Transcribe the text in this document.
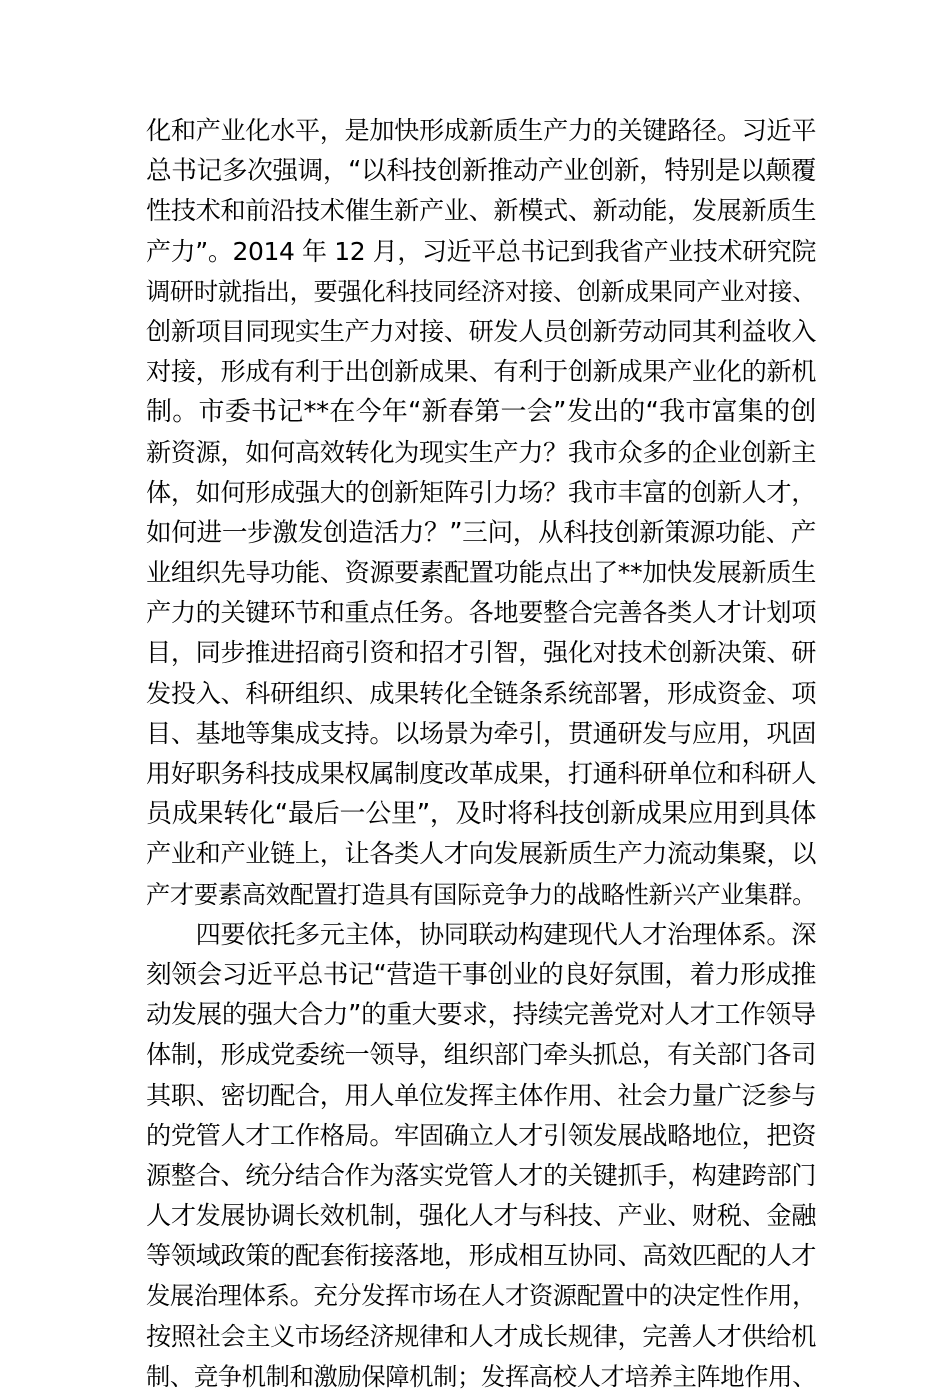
化和产业化水平，是加快形成新质生产力的关键路径。习近平
总书记多次强调，“以科技创新推动产业创新，特别是以颠覆
性技术和前沿技术催生新产业、新模式、新动能，发展新质生
产力”。2014 年 12 月，习近平总书记到我省产业技术研究院
调研时就指出，要强化科技同经济对接、创新成果同产业对接、
创新项目同现实生产力对接、研发人员创新劳动同其利益收入
对接，形成有利于出创新成果、有利于创新成果产业化的新机
制。市委书记**在今年“新春第一会”发出的“我市富集的创
新资源，如何高效转化为现实生产力？我市众多的企业创新主
体，如何形成强大的创新矩阵引力场？我市丰富的创新人才，
如何进一步激发创造活力？”三问，从科技创新策源功能、产
业组织先导功能、资源要素配置功能点出了**加快发展新质生
产力的关键环节和重点任务。各地要整合完善各类人才计划项
目，同步推进招商引资和招才引智，强化对技术创新决策、研
发投入、科研组织、成果转化全链条系统部署，形成资金、项
目、基地等集成支持。以场景为牵引，贯通研发与应用，巩固
用好职务科技成果权属制度改革成果，打通科研单位和科研人
员成果转化“最后一公里”，及时将科技创新成果应用到具体
产业和产业链上，让各类人才向发展新质生产力流动集聚，以
产才要素高效配置打造具有国际竞争力的战略性新兴产业集群。
　　四要依托多元主体，协同联动构建现代人才治理体系。深
刻领会习近平总书记“营造干事创业的良好氛围，着力形成推
动发展的强大合力”的重大要求，持续完善党对人才工作领导
体制，形成党委统一领导，组织部门牵头抓总，有关部门各司
其职、密切配合，用人单位发挥主体作用、社会力量广泛参与
的党管人才工作格局。牢固确立人才引领发展战略地位，把资
源整合、统分结合作为落实党管人才的关键抓手，构建跨部门
人才发展协调长效机制，强化人才与科技、产业、财税、金融
等领域政策的配套衔接落地，形成相互协同、高效匹配的人才
发展治理体系。充分发挥市场在人才资源配置中的决定性作用，
按照社会主义市场经济规律和人才成长规律，完善人才供给机
制、竞争机制和激励保障机制；发挥高校人才培养主阵地作用、
